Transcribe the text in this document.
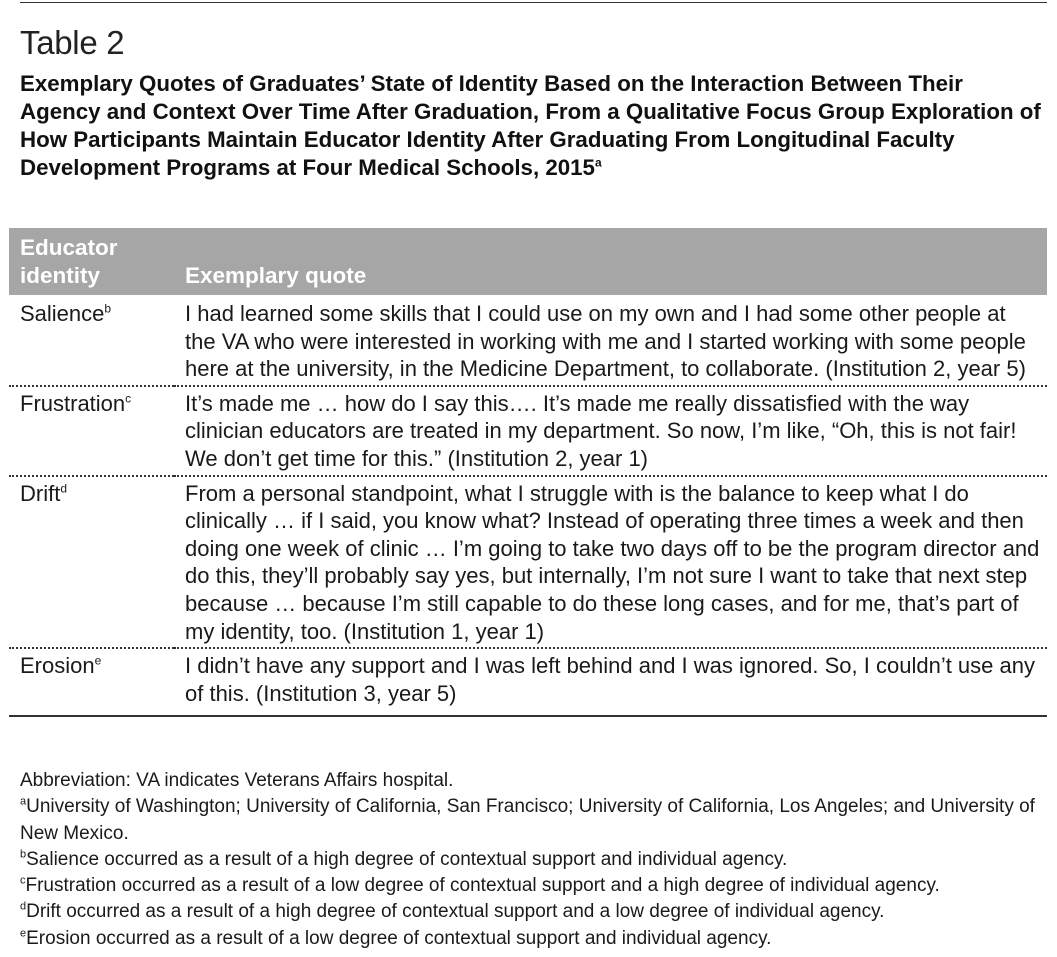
Table 2
Exemplary Quotes of Graduates’ State of Identity Based on the Interaction Between Their Agency and Context Over Time After Graduation, From a Qualitative Focus Group Exploration of How Participants Maintain Educator Identity After Graduating From Longitudinal Faculty Development Programs at Four Medical Schools, 2015$^a$
Educator identity	Exemplary quote
Salience$^b$	I had learned some skills that I could use on my own and I had some other people at the VA who were interested in working with me and I started working with some people here at the university, in the Medicine Department, to collaborate. (Institution 2, year 5)
Frustration$^c$	It’s made me … how do I say this…. It’s made me really dissatisfied with the way clinician educators are treated in my department. So now, I’m like, “Oh, this is not fair! We don’t get time for this.” (Institution 2, year 1)
Drift$^d$	From a personal standpoint, what I struggle with is the balance to keep what I do clinically … if I said, you know what? Instead of operating three times a week and then doing one week of clinic … I’m going to take two days off to be the program director and do this, they’ll probably say yes, but internally, I’m not sure I want to take that next step because … because I’m still capable to do these long cases, and for me, that’s part of my identity, too. (Institution 1, year 1)
Erosion$^e$	I didn’t have any support and I was left behind and I was ignored. So, I couldn’t use any of this. (Institution 3, year 5)

Abbreviation: VA indicates Veterans Affairs hospital.

$^a$University of Washington; University of California, San Francisco; University of California, Los Angeles; and University of New Mexico.

$^b$Salience occurred as a result of a high degree of contextual support and individual agency.

$^c$Frustration occurred as a result of a low degree of contextual support and a high degree of individual agency.

$^d$Drift occurred as a result of a high degree of contextual support and a low degree of individual agency.

$^e$Erosion occurred as a result of a low degree of contextual support and individual agency.
